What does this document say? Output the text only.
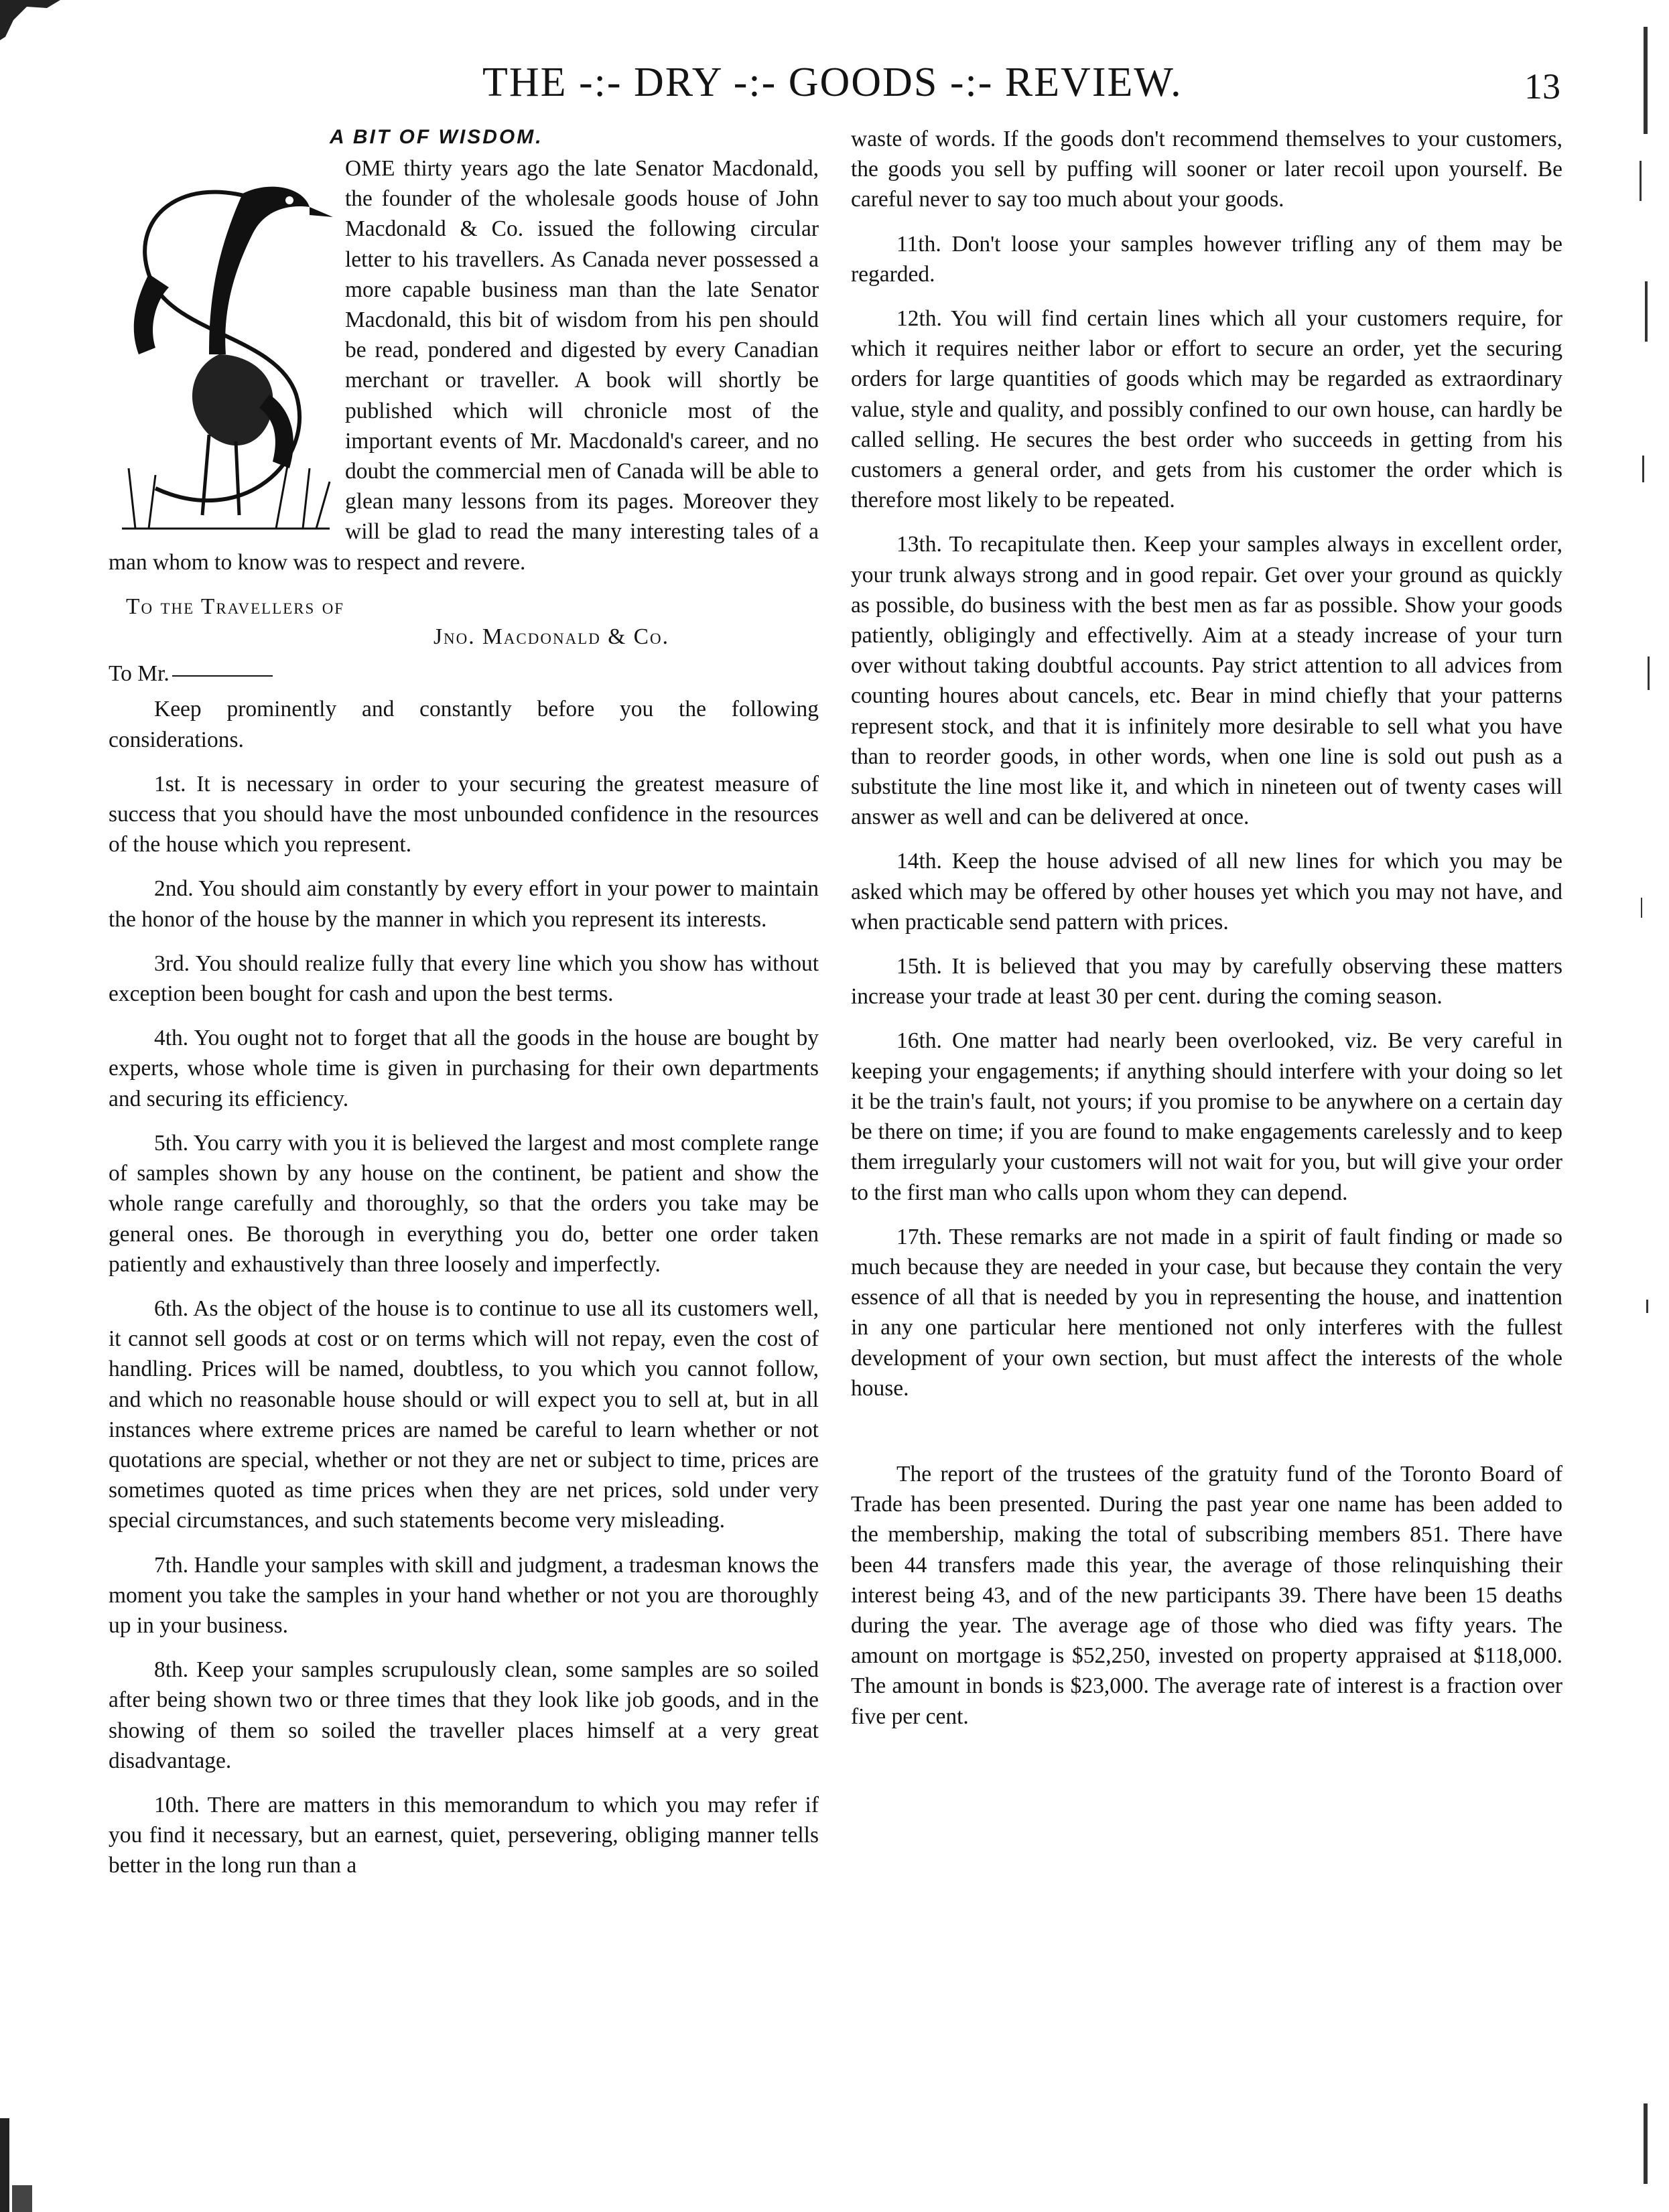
THE -:- DRY -:- GOODS -:- REVIEW.	13
A BIT OF WISDOM.

OME thirty years ago the late Senator Macdonald, the founder of the wholesale goods house of John Macdonald & Co. issued the following circular letter to his travellers. As Canada never possessed a more capable business man than the late Senator Macdonald, this bit of wisdom from his pen should be read, pondered and digested by every Canadian merchant or traveller. A book will shortly be published which will chronicle most of the important events of Mr. Macdonald's career, and no doubt the commercial men of Canada will be able to glean many lessons from its pages. Moreover they will be glad to read the many interesting tales of a man whom to know was to respect and revere.

To the Travellers of

Jno. Macdonald & Co.

To Mr.

Keep prominently and constantly before you the following considerations.

1st. It is necessary in order to your securing the greatest measure of success that you should have the most unbounded confidence in the resources of the house which you represent.

2nd. You should aim constantly by every effort in your power to maintain the honor of the house by the manner in which you represent its interests.

3rd. You should realize fully that every line which you show has without exception been bought for cash and upon the best terms.

4th. You ought not to forget that all the goods in the house are bought by experts, whose whole time is given in purchasing for their own departments and securing its efficiency.

5th. You carry with you it is believed the largest and most complete range of samples shown by any house on the continent, be patient and show the whole range carefully and thoroughly, so that the orders you take may be general ones. Be thorough in everything you do, better one order taken patiently and exhaustively than three loosely and imperfectly.

6th. As the object of the house is to continue to use all its customers well, it cannot sell goods at cost or on terms which will not repay, even the cost of handling. Prices will be named, doubtless, to you which you cannot follow, and which no reasonable house should or will expect you to sell at, but in all instances where extreme prices are named be careful to learn whether or not quotations are special, whether or not they are net or subject to time, prices are sometimes quoted as time prices when they are net prices, sold under very special circumstances, and such statements become very misleading.

7th. Handle your samples with skill and judgment, a tradesman knows the moment you take the samples in your hand whether or not you are thoroughly up in your business.

8th. Keep your samples scrupulously clean, some samples are so soiled after being shown two or three times that they look like job goods, and in the showing of them so soiled the traveller places himself at a very great disadvantage.

10th. There are matters in this memorandum to which you may refer if you find it necessary, but an earnest, quiet, persevering, obliging manner tells better in the long run than a

waste of words. If the goods don't recommend themselves to your customers, the goods you sell by puffing will sooner or later recoil upon yourself. Be careful never to say too much about your goods.

11th. Don't loose your samples however trifling any of them may be regarded.

12th. You will find certain lines which all your customers require, for which it requires neither labor or effort to secure an order, yet the securing orders for large quantities of goods which may be regarded as extraordinary value, style and quality, and possibly confined to our own house, can hardly be called selling. He secures the best order who succeeds in getting from his customers a general order, and gets from his customer the order which is therefore most likely to be repeated.

13th. To recapitulate then. Keep your samples always in excellent order, your trunk always strong and in good repair. Get over your ground as quickly as possible, do business with the best men as far as possible. Show your goods patiently, obligingly and effectivelly. Aim at a steady increase of your turn over without taking doubtful accounts. Pay strict attention to all advices from counting houres about cancels, etc. Bear in mind chiefly that your patterns represent stock, and that it is infinitely more desirable to sell what you have than to reorder goods, in other words, when one line is sold out push as a substitute the line most like it, and which in nineteen out of twenty cases will answer as well and can be delivered at once.

14th. Keep the house advised of all new lines for which you may be asked which may be offered by other houses yet which you may not have, and when practicable send pattern with prices.

15th. It is believed that you may by carefully observing these matters increase your trade at least 30 per cent. during the coming season.

16th. One matter had nearly been overlooked, viz. Be very careful in keeping your engagements; if anything should interfere with your doing so let it be the train's fault, not yours; if you promise to be anywhere on a certain day be there on time; if you are found to make engagements carelessly and to keep them irregularly your customers will not wait for you, but will give your order to the first man who calls upon whom they can depend.

17th. These remarks are not made in a spirit of fault finding or made so much because they are needed in your case, but because they contain the very essence of all that is needed by you in representing the house, and inattention in any one particular here mentioned not only interferes with the fullest development of your own section, but must affect the interests of the whole house.

The report of the trustees of the gratuity fund of the Toronto Board of Trade has been presented. During the past year one name has been added to the membership, making the total of subscribing members 851. There have been 44 transfers made this year, the average of those relinquishing their interest being 43, and of the new participants 39. There have been 15 deaths during the year. The average age of those who died was fifty years. The amount on mortgage is $52,250, invested on property appraised at $118,000. The amount in bonds is $23,000. The average rate of interest is a fraction over five per cent.
